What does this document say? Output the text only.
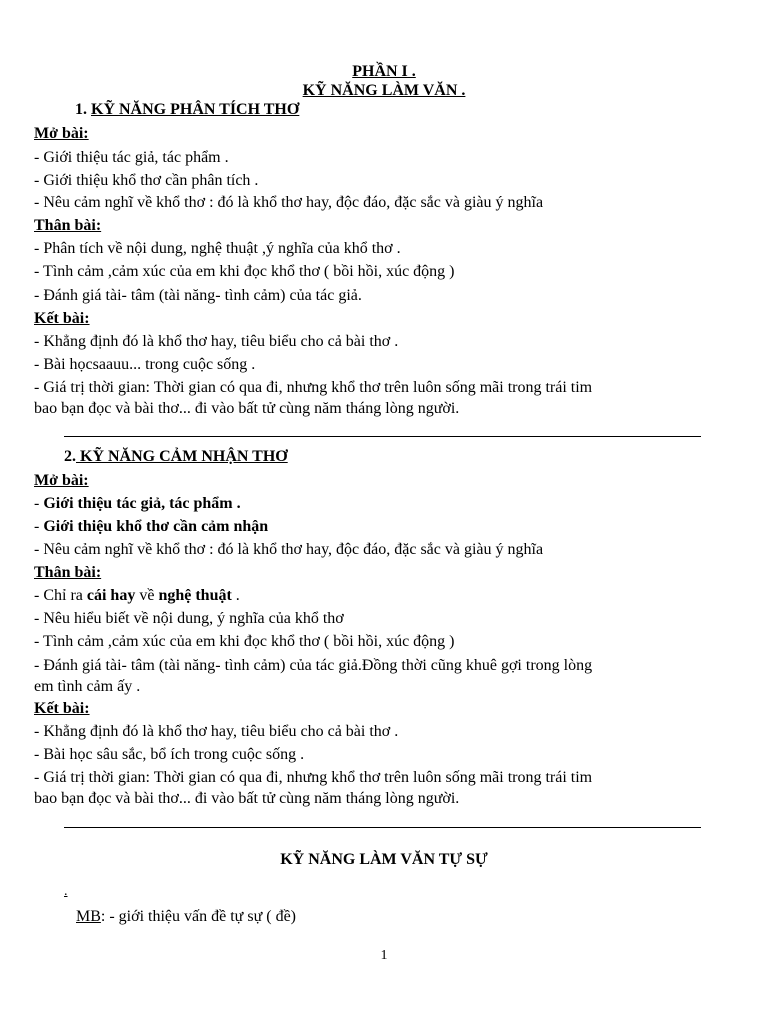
PHẦN I .
KỸ NĂNG LÀM VĂN .
1. KỸ NĂNG PHÂN TÍCH THƠ
Mở bài:
- Giới thiệu tác giả, tác phẩm .
- Giới thiệu khổ thơ cần phân tích .
- Nêu cảm nghĩ về khổ thơ : đó là khổ thơ hay, độc đáo, đặc sắc và giàu ý nghĩa
Thân bài:
- Phân tích về nội dung, nghệ thuật ,ý nghĩa của khổ thơ .
- Tình cảm ,cảm xúc của em khi đọc khổ thơ ( bồi hồi, xúc động )
- Đánh giá tài- tâm (tài năng- tình cảm) của tác giả.
Kết bài:
- Khẳng định đó là khổ thơ hay, tiêu biểu cho cả bài thơ .
- Bài họcsaauu... trong cuộc sống .
- Giá trị thời gian: Thời gian có qua đi, nhưng khổ thơ trên luôn sống mãi trong trái tim
bao bạn đọc và bài thơ... đi vào bất tử cùng năm tháng lòng người.
2. KỸ NĂNG CẢM NHẬN THƠ
Mở bài:
- Giới thiệu tác giả, tác phẩm .
- Giới thiệu khổ thơ cần cảm nhận
- Nêu cảm nghĩ về khổ thơ : đó là khổ thơ hay, độc đáo, đặc sắc và giàu ý nghĩa
Thân bài:
- Chỉ ra cái hay về nghệ thuật .
- Nêu hiểu biết về nội dung, ý nghĩa của khổ thơ
- Tình cảm ,cảm xúc của em khi đọc khổ thơ ( bồi hồi, xúc động )
- Đánh giá tài- tâm (tài năng- tình cảm) của tác giả.Đồng thời cũng khuê gợi trong lòng
em tình cảm ấy .
Kết bài:
- Khẳng định đó là khổ thơ hay, tiêu biểu cho cả bài thơ .
- Bài học sâu sắc, bổ ích trong cuộc sống .
- Giá trị thời gian: Thời gian có qua đi, nhưng khổ thơ trên luôn sống mãi trong trái tim
bao bạn đọc và bài thơ... đi vào bất tử cùng năm tháng lòng người.
KỸ NĂNG LÀM VĂN TỰ SỰ
.
MB: - giới thiệu vấn đề tự sự ( đề)
1
